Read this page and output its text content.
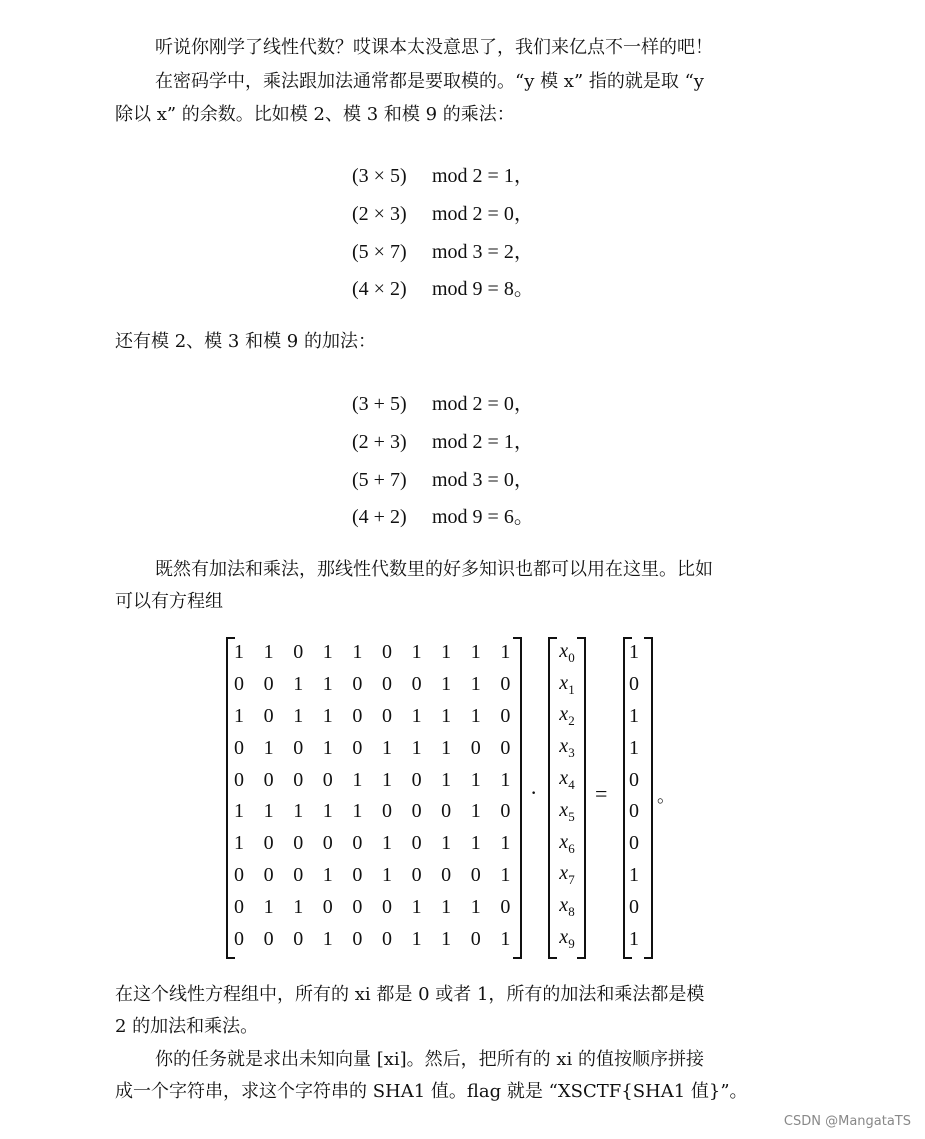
听说你刚学了线性代数？哎课本太没意思了，我们来亿点不一样的吧！
在密码学中，乘法跟加法通常都是要取模的。“y 模 x” 指的就是取 “y
除以 x” 的余数。比如模 2、模 3 和模 9 的乘法：
(3 × 5) mod 2 = 1，
(2 × 3) mod 2 = 0，
(5 × 7) mod 3 = 2，
(4 × 2) mod 9 = 8。
还有模 2、模 3 和模 9 的加法：
(3 + 5) mod 2 = 0，
(2 + 3) mod 2 = 1，
(5 + 7) mod 3 = 0，
(4 + 2) mod 9 = 6。
既然有加法和乘法，那线性代数里的好多知识也都可以用在这里。比如
可以有方程组
1 1 0 1 1 0 1 1 1 1
0 0 1 1 0 0 0 1 1 0
1 0 1 1 0 0 1 1 1 0
0 1 0 1 0 1 1 1 0 0
0 0 0 0 1 1 0 1 1 1
1 1 1 1 1 0 0 0 1 0
1 0 0 0 0 1 0 1 1 1
0 0 0 1 0 1 0 0 0 1
0 1 1 0 0 0 1 1 1 0
0 0 0 1 0 0 1 1 0 1
·
$x_0$
$x_1$
$x_2$
$x_3$
$x_4$
$x_5$
$x_6$
$x_7$
$x_8$
$x_9$
=
1
0
1
1
0
0
0
1
0
1
。
在这个线性方程组中，所有的 xi 都是 0 或者 1，所有的加法和乘法都是模
2 的加法和乘法。
你的任务就是求出未知向量 [xi]。然后，把所有的 xi 的值按顺序拼接
成一个字符串，求这个字符串的 SHA1 值。flag 就是 “XSCTF{SHA1 值}”。
CSDN @MangataTS
